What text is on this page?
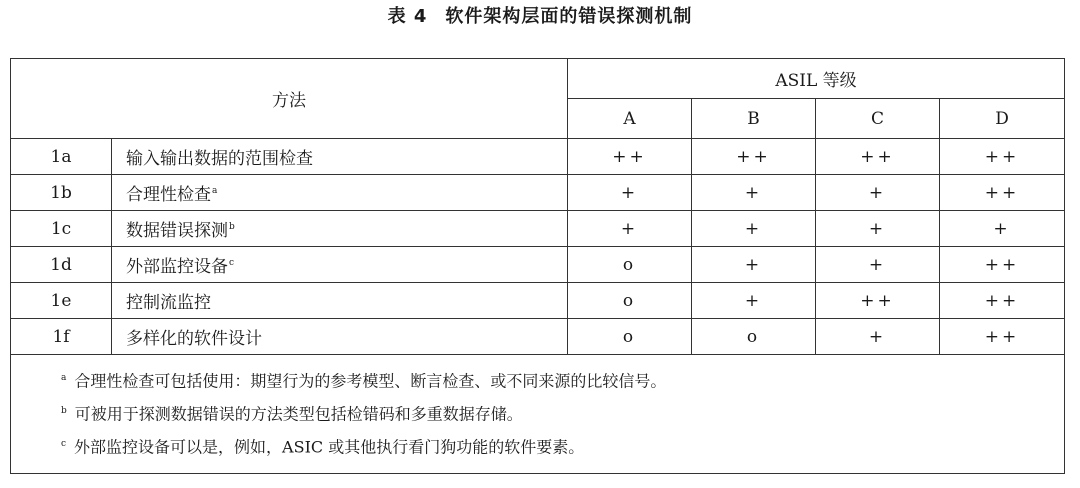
表 4 软件架构层面的错误探测机制
方法		ASIL 等级			
		A	B	C	D
1a	输入输出数据的范围检查	++	++	++	++
1b	合理性检查$^a$	+	+	+	++
1c	数据错误探测$^b$	+	+	+	+
1d	外部监控设备$^c$	o	+	+	++
1e	控制流监控	o	+	++	++
1f	多样化的软件设计	o	o	+	++

$^a$ 合理性检查可包括使用：期望行为的参考模型、断言检查、或不同来源的比较信号。
$^b$ 可被用于探测数据错误的方法类型包括检错码和多重数据存储。
$^c$ 外部监控设备可以是，例如，ASIC 或其他执行看门狗功能的软件要素。					
